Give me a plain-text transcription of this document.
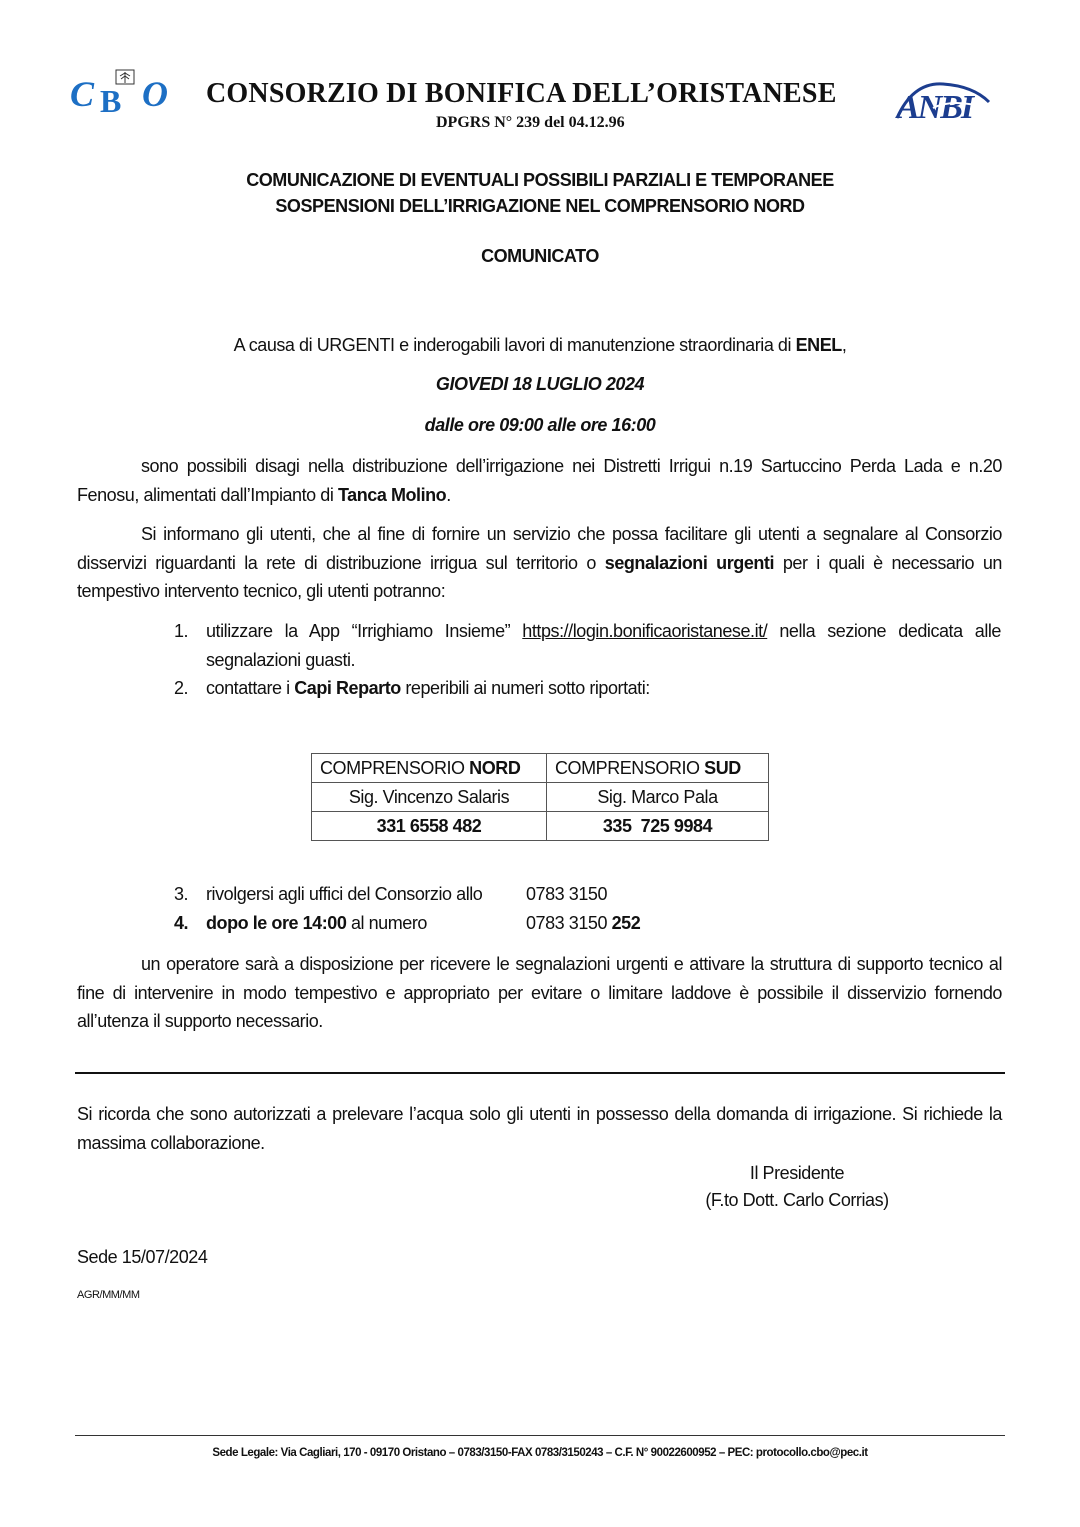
C B O CONSORZIO DI BONIFICA DELL’ORISTANESE
DPGRS N° 239 del 04.12.96	ANBI
COMUNICAZIONE DI EVENTUALI POSSIBILI PARZIALI E TEMPORANEE
SOSPENSIONI DELL’IRRIGAZIONE NEL COMPRENSORIO NORD
COMUNICATO
A causa di URGENTI e inderogabili lavori di manutenzione straordinaria di ENEL,
GIOVEDI 18 LUGLIO 2024
dalle ore 09:00 alle ore 16:00
sono possibili disagi nella distribuzione dell’irrigazione nei Distretti Irrigui n.19 Sartuccino Perda Lada e n.20 Fenosu, alimentati dall’Impianto di Tanca Molino.
Si informano gli utenti, che al fine di fornire un servizio che possa facilitare gli utenti a segnalare al Consorzio disservizi riguardanti la rete di distribuzione irrigua sul territorio o segnalazioni urgenti per i quali è necessario un tempestivo intervento tecnico, gli utenti potranno:
1. utilizzare la App “Irrighiamo Insieme” https://login.bonificaoristanese.it/ nella sezione dedicata alle segnalazioni guasti.
2. contattare i Capi Reparto reperibili ai numeri sotto riportati:
COMPRENSORIO NORD	COMPRENSORIO SUD
Sig. Vincenzo Salaris	Sig. Marco Pala
331 6558 482	335  725 9984
3. rivolgersi agli uffici del Consorzio allo 0783 3150
4. dopo le ore 14:00 al numero	0783 3150 252
un operatore sarà a disposizione per ricevere le segnalazioni urgenti e attivare la struttura di supporto tecnico al fine di intervenire in modo tempestivo e appropriato per evitare o limitare laddove è possibile il disservizio fornendo all’utenza il supporto necessario.
Si ricorda che sono autorizzati a prelevare l’acqua solo gli utenti in possesso della domanda di irrigazione. Si richiede la massima collaborazione.
Il Presidente
(F.to Dott. Carlo Corrias)
Sede 15/07/2024
AGR/MM/MM
Sede Legale: Via Cagliari, 170 - 09170 Oristano – 0783/3150-FAX 0783/3150243 – C.F. N° 90022600952 – PEC: protocollo.cbo@pec.it
